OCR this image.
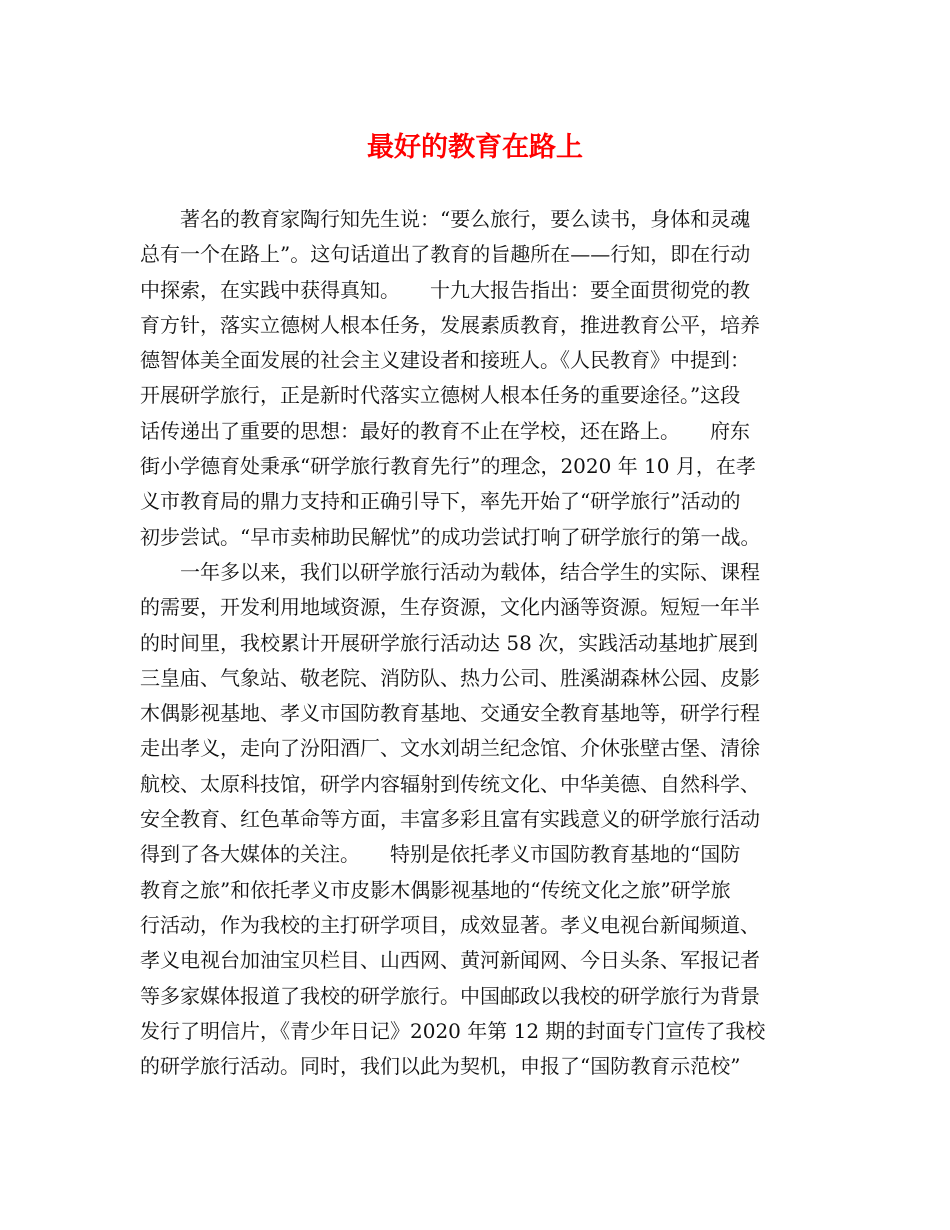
最好的教育在路上
　　著名的教育家陶行知先生说：“要么旅行，要么读书，身体和灵魂
总有一个在路上”。这句话道出了教育的旨趣所在——行知，即在行动
中探索，在实践中获得真知。　　十九大报告指出：要全面贯彻党的教
育方针，落实立德树人根本任务，发展素质教育，推进教育公平，培养
德智体美全面发展的社会主义建设者和接班人。《人民教育》中提到：
开展研学旅行，正是新时代落实立德树人根本任务的重要途径。”这段
话传递出了重要的思想：最好的教育不止在学校，还在路上。　　府东
街小学德育处秉承“研学旅行教育先行”的理念，2020 年 10 月，在孝
义市教育局的鼎力支持和正确引导下，率先开始了“研学旅行”活动的
初步尝试。“早市卖柿助民解忧”的成功尝试打响了研学旅行的第一战。
　　一年多以来，我们以研学旅行活动为载体，结合学生的实际、课程
的需要，开发利用地域资源，生存资源，文化内涵等资源。短短一年半
的时间里，我校累计开展研学旅行活动达 58 次，实践活动基地扩展到
三皇庙、气象站、敬老院、消防队、热力公司、胜溪湖森林公园、皮影
木偶影视基地、孝义市国防教育基地、交通安全教育基地等，研学行程
走出孝义，走向了汾阳酒厂、文水刘胡兰纪念馆、介休张壁古堡、清徐
航校、太原科技馆，研学内容辐射到传统文化、中华美德、自然科学、
安全教育、红色革命等方面，丰富多彩且富有实践意义的研学旅行活动
得到了各大媒体的关注。　　特别是依托孝义市国防教育基地的“国防
教育之旅”和依托孝义市皮影木偶影视基地的“传统文化之旅”研学旅
行活动，作为我校的主打研学项目，成效显著。孝义电视台新闻频道、
孝义电视台加油宝贝栏目、山西网、黄河新闻网、今日头条、军报记者
等多家媒体报道了我校的研学旅行。中国邮政以我校的研学旅行为背景
发行了明信片，《青少年日记》2020 年第 12 期的封面专门宣传了我校
的研学旅行活动。同时，我们以此为契机，申报了“国防教育示范校”
